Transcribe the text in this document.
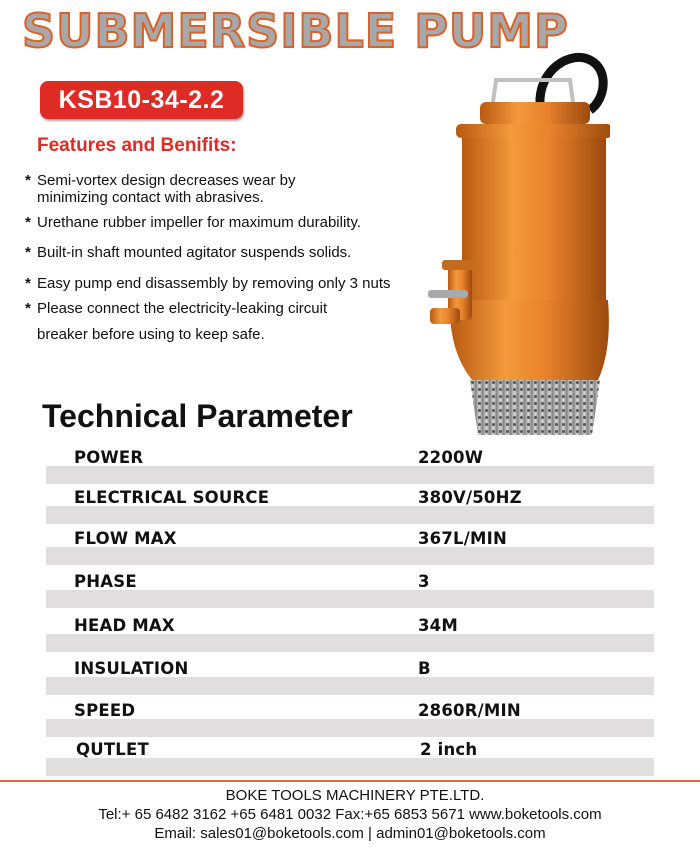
SUBMERSIBLE PUMP
KSB10-34-2.2
Features and Benifits:
* Semi-vortex design decreases wear by minimizing contact with abrasives.
* Urethane rubber impeller for maximum durability.
* Built-in shaft mounted agitator suspends solids.
* Easy pump end disassembly by removing only 3 nuts
* Please connect the electricity-leaking circuit
breaker before using to keep safe.
Technical Parameter
POWER	2200W
ELECTRICAL SOURCE	380V/50HZ
FLOW MAX	367L/MIN
PHASE	3
HEAD MAX	34M
INSULATION	B
SPEED	2860R/MIN
QUTLET	2 inch
BOKE TOOLS MACHINERY PTE.LTD.
Tel:+ 65 6482 3162 +65 6481 0032 Fax:+65 6853 5671 www.boketools.com
Email: sales01@boketools.com | admin01@boketools.com
